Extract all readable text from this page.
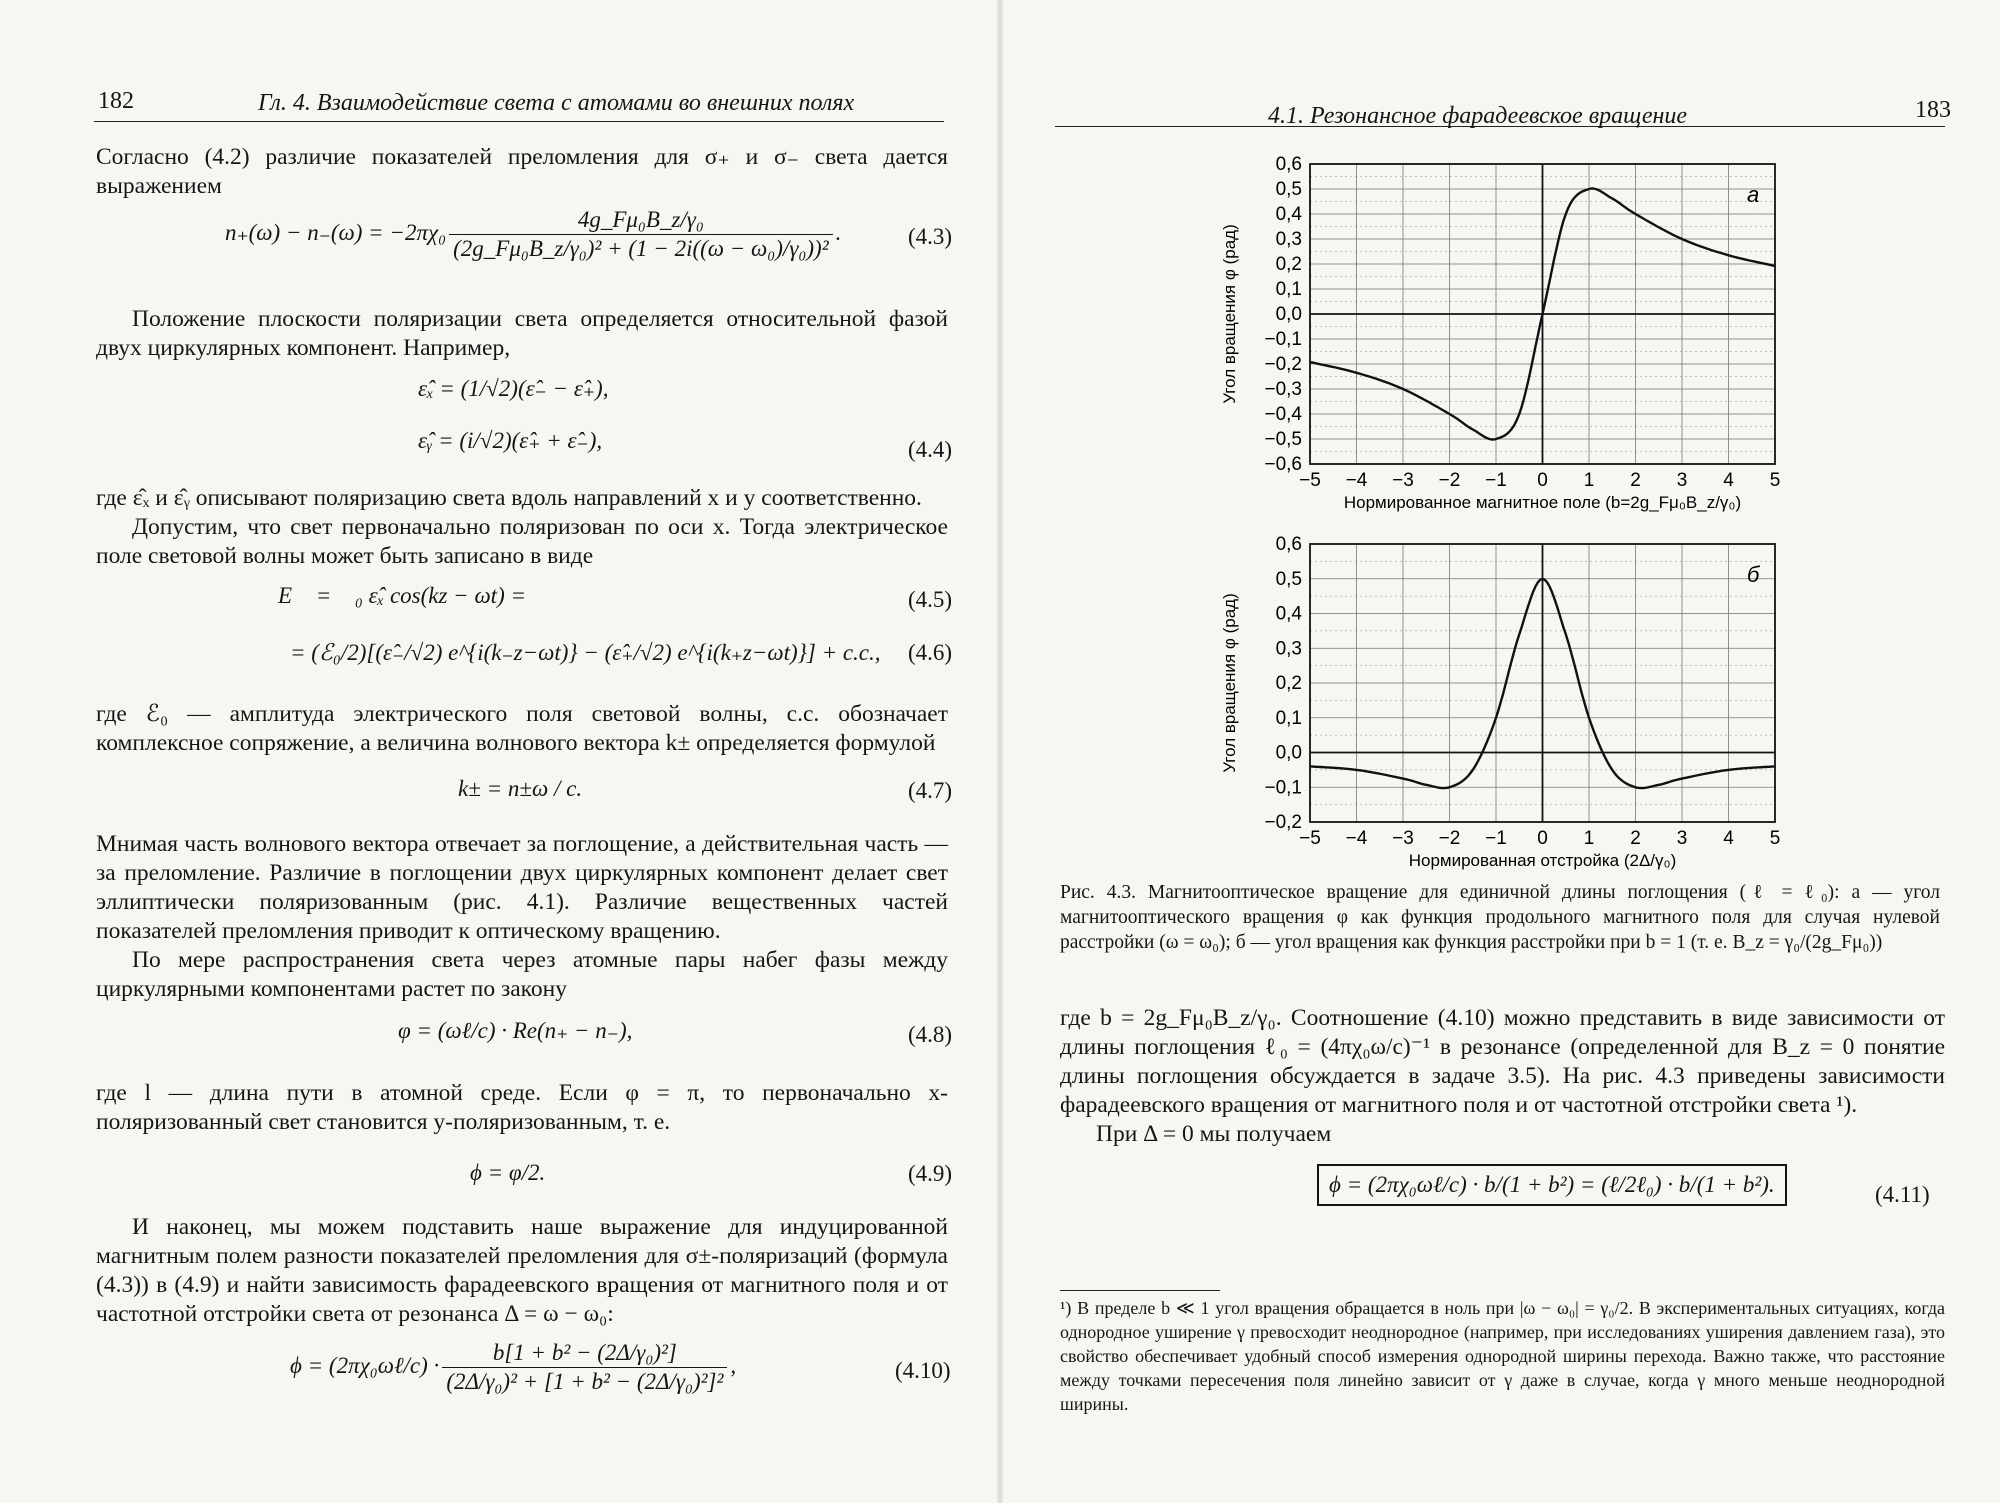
182	Гл. 4. Взаимодействие света с атомами во внешних полях
Согласно (4.2) различие показателей преломления для σ₊ и σ₋ света дается выражением
$n_+(\omega) - n_-(\omega) = -2\pi\chi_0 \frac{\text{4g\_Fμ₀B\_z/γ₀}}{\text{(2g\_Fμ₀B\_z/γ₀)² + (1 − 2i((ω − ω₀)/γ₀))²}}$ .	(4.3)
Положение плоскости поляризации света определяется относительной фазой двух циркулярных компонент. Например,
ε̂ₓ = (1/√2)(ε̂₋ − ε̂₊),
ε̂ᵧ = (i/√2)(ε̂₊ + ε̂₋),	(4.4)
где ε̂ₓ и ε̂ᵧ описывают поляризацию света вдоль направлений x и y соответственно.
Допустим, что свет первоначально поляризован по оси x. Тогда электрическое поле световой волны может быть записано в виде
Ε⃗ = ℰ₀ ε̂ₓ cos(kz − ωt) =	(4.5)
= (ℰ₀/2)[(ε̂₋/√2) e^{i(k₋z−ωt)} − (ε̂₊/√2) e^{i(k₊z−ωt)}] + c.c., (4.6)
где ℰ₀ — амплитуда электрического поля световой волны, c.c. обозначает комплексное сопряжение, а величина волнового вектора k± определяется формулой
k± = n±ω / c.	(4.7)
Мнимая часть волнового вектора отвечает за поглощение, а действительная часть — за преломление. Различие в поглощении двух циркулярных компонент делает свет эллиптически поляризованным (рис. 4.1). Различие вещественных частей показателей преломления приводит к оптическому вращению.
По мере распространения света через атомные пары набег фазы между циркулярными компонентами растет по закону
φ = (ωℓ/c) · Re(n₊ − n₋),	(4.8)
где l — длина пути в атомной среде. Если φ = π, то первоначально x-поляризованный свет становится y-поляризованным, т. е.
ϕ = φ/2.	(4.9)
И наконец, мы можем подставить наше выражение для индуцированной магнитным полем разности показателей преломления для σ±-поляризаций (формула (4.3)) в (4.9) и найти зависимость фарадеевского вращения от магнитного поля и от частотной отстройки света от резонанса Δ = ω − ω₀:
ϕ = (2πχ₀ωℓ/c) · $\frac{\text{b[1 + b² − (2Δ/γ₀)²]}}{\text{(2Δ/γ₀)² + [1 + b² − (2Δ/γ₀)²]²}}$ ,	(4.10)
4.1. Резонансное фарадеевское вращение	183
0,6
0,5
0,4
0,3
0,2
0,1
0,0
−0,1
−0,2
−0,3
−0,4
−0,5
−0,6
−5 −4 −3 −2 −1 0 1 2 3 4 5
а
Нормированное магнитное поле (b=2g_Fμ₀B_z/γ₀)
Угол вращения φ (рад)
0,6
0,5
0,4
0,3
0,2
0,1
0,0
−0,1
−0,2
−5 −4 −3 −2 −1 0 1 2 3 4 5
б
Нормированная отстройка (2Δ/γ₀)
Угол вращения φ (рад)
Рис. 4.3. Магнитооптическое вращение для единичной длины поглощения (ℓ = ℓ₀): а — угол магнитооптического вращения φ как функция продольного магнитного поля для случая нулевой расстройки (ω = ω₀); б — угол вращения как функция расстройки при b = 1 (т. е. B_z = γ₀/(2g_Fμ₀))
где b = 2g_Fμ₀B_z/γ₀. Соотношение (4.10) можно представить в виде зависимости от длины поглощения ℓ₀ = (4πχ₀ω/c)⁻¹ в резонансе (определенной для B_z = 0 понятие длины поглощения обсуждается в задаче 3.5). На рис. 4.3 приведены зависимости фарадеевского вращения от магнитного поля и от частотной отстройки света ¹).
При Δ = 0 мы получаем
ϕ = (2πχ₀ωℓ/c) · b/(1 + b²) = (ℓ/2ℓ₀) · b/(1 + b²).	(4.11)
¹) В пределе b ≪ 1 угол вращения обращается в ноль при |ω − ω₀| = γ₀/2. В экспериментальных ситуациях, когда однородное уширение γ превосходит неоднородное (например, при исследованиях уширения давлением газа), это свойство обеспечивает удобный способ измерения однородной ширины перехода. Важно также, что расстояние между точками пересечения поля линейно зависит от γ даже в случае, когда γ много меньше неоднородной ширины.
